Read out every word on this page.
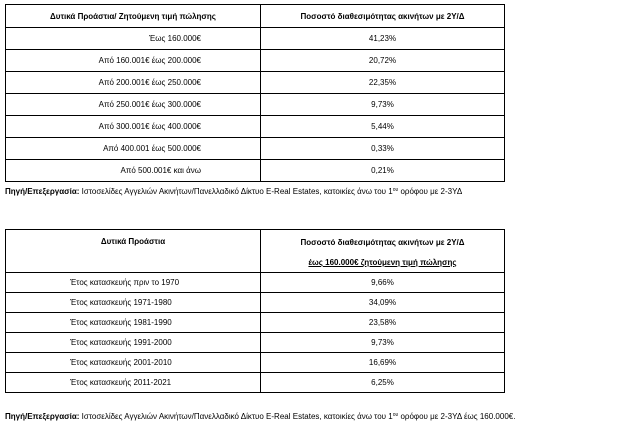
Δυτικά Προάστια/ Ζητούμενη τιμή πώλησης	Ποσοστό διαθεσιμότητας ακινήτων με 2Υ/Δ
Έως 160.000€	41,23%
Από 160.001€ έως 200.000€	20,72%
Από 200.001€ έως 250.000€	22,35%
Από 250.001€ έως 300.000€	9,73%
Από 300.001€ έως 400.000€	5,44%
Από 400.001 έως 500.000€	0,33%
Από 500.001€ και άνω	0,21%
Πηγή/Επεξεργασία: Ιστοσελίδες Αγγελιών Ακινήτων/Πανελλαδικό Δίκτυο E-Real Estates, κατοικίες άνω του $1^{o\upsilon}$ ορόφου με 2-3ΥΔ
Δυτικά Προάστια	Ποσοστό διαθεσιμότητας ακινήτων με 2Υ/Δ
έως 160.000€ ζητούμενη τιμή πώλησης

Έτος κατασκευής πριν το 1970	9,66%
Έτος κατασκευής 1971-1980	34,09%
Έτος κατασκευής 1981-1990	23,58%
Έτος κατασκευής 1991-2000	9,73%
Έτος κατασκευής 2001-2010	16,69%
Έτος κατασκευής 2011-2021	6,25%
Πηγή/Επεξεργασία: Ιστοσελίδες Αγγελιών Ακινήτων/Πανελλαδικό Δίκτυο E-Real Estates, κατοικίες άνω του $1^{o\upsilon}$ ορόφου με 2-3ΥΔ έως 160.000€.
